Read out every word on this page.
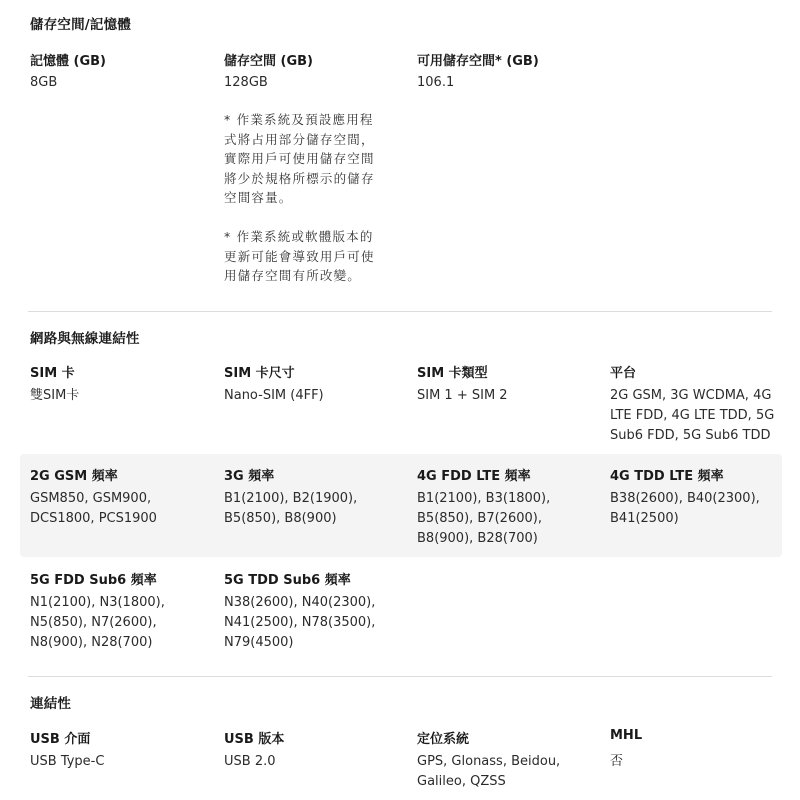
儲存空間/記憶體
記憶體 (GB)
8GB
儲存空間 (GB)
128GB
可用儲存空間* (GB)
106.1
* 作業系統及預設應用程
式將占用部分儲存空間，
實際用戶可使用儲存空間
將少於規格所標示的儲存
空間容量。
* 作業系統或軟體版本的
更新可能會導致用戶可使
用儲存空間有所改變。
網路與無線連結性
SIM 卡
雙SIM卡
SIM 卡尺寸
Nano-SIM (4FF)
SIM 卡類型
SIM 1 + SIM 2
平台
2G GSM, 3G WCDMA, 4G
LTE FDD, 4G LTE TDD, 5G
Sub6 FDD, 5G Sub6 TDD
2G GSM 頻率
GSM850, GSM900,
DCS1800, PCS1900
3G 頻率
B1(2100), B2(1900),
B5(850), B8(900)
4G FDD LTE 頻率
B1(2100), B3(1800),
B5(850), B7(2600),
B8(900), B28(700)
4G TDD LTE 頻率
B38(2600), B40(2300),
B41(2500)
5G FDD Sub6 頻率
N1(2100), N3(1800),
N5(850), N7(2600),
N8(900), N28(700)
5G TDD Sub6 頻率
N38(2600), N40(2300),
N41(2500), N78(3500),
N79(4500)
連結性
USB 介面
USB Type-C
USB 版本
USB 2.0
定位系統
GPS, Glonass, Beidou,
Galileo, QZSS
MHL
否
